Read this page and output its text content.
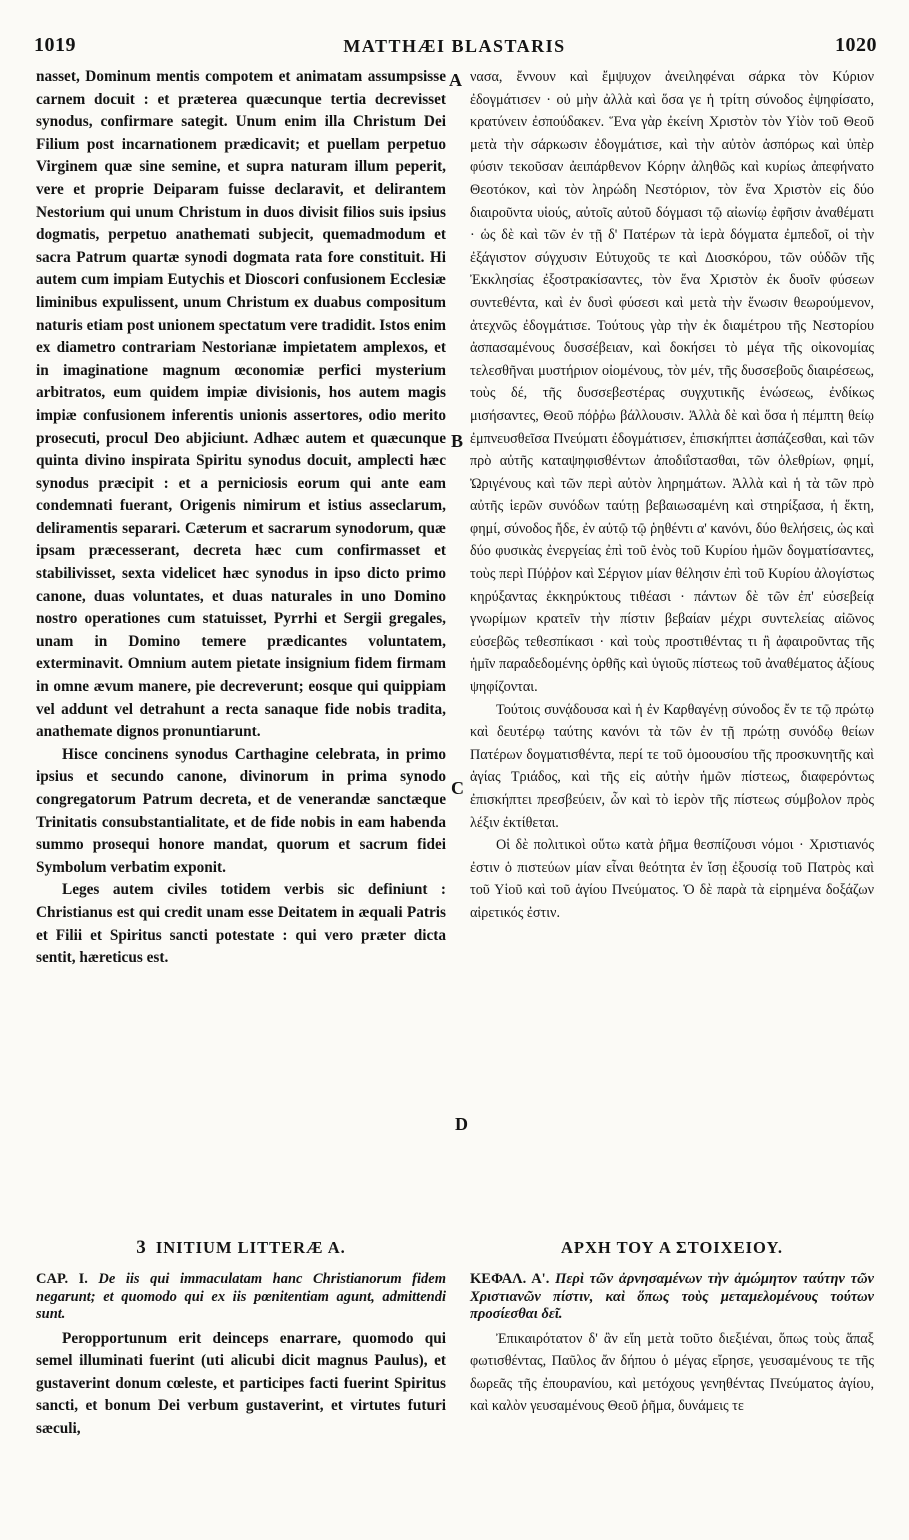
1019	MATTHÆI BLASTARIS	1020
A
B
C
D

nasset, Dominum mentis compotem et animatam assumpsisse carnem docuit : et præterea quæcunque tertia decrevisset synodus, confirmare sategit. Unum enim illa Christum Dei Filium post incarnationem prædicavit; et puellam perpetuo Virginem quæ sine semine, et supra naturam illum peperit, vere et proprie Deiparam fuisse declaravit, et delirantem Nestorium qui unum Christum in duos divisit filios suis ipsius dogmatis, perpetuo anathemati subjecit, quemadmodum et sacra Patrum quartæ synodi dogmata rata fore constituit. Hi autem cum impiam Eutychis et Dioscori confusionem Ecclesiæ liminibus expulissent, unum Christum ex duabus compositum naturis etiam post unionem spectatum vere tradidit. Istos enim ex diametro contrariam Nestorianæ impietatem amplexos, et in imaginatione magnum œconomiæ perfici mysterium arbitratos, eum quidem impiæ divisionis, hos autem magis impiæ confusionem inferentis unionis assertores, odio merito prosecuti, procul Deo abjiciunt. Adhæc autem et quæcunque quinta divino inspirata Spiritu synodus docuit, amplecti hæc synodus præcipit : et a perniciosis eorum qui ante eam condemnati fuerant, Origenis nimirum et istius asseclarum, deliramentis separari. Cæterum et sacrarum synodorum, quæ ipsam præcesserant, decreta hæc cum confirmasset et stabilivisset, sexta videlicet hæc synodus in ipso dicto primo canone, duas voluntates, et duas naturales in uno Domino nostro operationes cum statuisset, Pyrrhi et Sergii gregales, unam in Domino temere prædicantes voluntatem, exterminavit. Omnium autem pietate insignium fidem firmam in omne ævum manere, pie decreverunt; eosque qui quippiam vel addunt vel detrahunt a recta sanaque fide nobis tradita, anathemate dignos pronuntiarunt.

Hisce concinens synodus Carthagine celebrata, in primo ipsius et secundo canone, divinorum in prima synodo congregatorum Patrum decreta, et de venerandæ sanctæque Trinitatis consubstantialitate, et de fide nobis in eam habenda summo prosequi honore mandat, quorum et sacrum fidei Symbolum verbatim exponit.

Leges autem civiles totidem verbis sic definiunt : Christianus est qui credit unam esse Deitatem in æquali Patris et Filii et Spiritus sancti potestate : qui vero præter dicta sentit, hæreticus est.

νασα, ἔννουν καὶ ἔμψυχον ἀνειληφέναι σάρκα τὸν Κύριον ἐδογμάτισεν · οὐ μὴν ἀλλὰ καὶ ὅσα γε ἡ τρίτη σύνοδος ἐψηφίσατο, κρατύνειν ἐσπούδακεν. Ἕνα γὰρ ἐκείνη Χριστὸν τὸν Υἱὸν τοῦ Θεοῦ μετὰ τὴν σάρκωσιν ἐδογμάτισε, καὶ τὴν αὐτὸν ἀσπόρως καὶ ὑπὲρ φύσιν τεκοῦσαν ἀειπάρθενον Κόρην ἀληθῶς καὶ κυρίως ἀπεφήνατο Θεοτόκον, καὶ τὸν ληρώδη Νεστόριον, τὸν ἕνα Χριστὸν εἰς δύο διαιροῦντα υἱούς, αὐτοῖς αὐτοῦ δόγμασι τῷ αἰωνίῳ ἐφῆσιν ἀναθέματι · ὡς δὲ καὶ τῶν ἐν τῇ δ' Πατέρων τὰ ἱερὰ δόγματα ἐμπεδοῖ, οἱ τὴν ἐξάγιστον σύγχυσιν Εὐτυχοῦς τε καὶ Διοσκόρου, τῶν οὐδῶν τῆς Ἐκκλησίας ἐξοστρακίσαντες, τὸν ἕνα Χριστὸν ἐκ δυοῖν φύσεων συντεθέντα, καὶ ἐν δυσὶ φύσεσι καὶ μετὰ τὴν ἕνωσιν θεωρούμενον, ἀτεχνῶς ἐδογμάτισε. Τούτους γὰρ τὴν ἐκ διαμέτρου τῆς Νεστορίου ἀσπασαμένους δυσσέβειαν, καὶ δοκήσει τὸ μέγα τῆς οἰκονομίας τελεσθῆναι μυστήριον οἰομένους, τὸν μέν, τῆς δυσσεβοῦς διαιρέσεως, τοὺς δέ, τῆς δυσσεβεστέρας συγχυτικῆς ἑνώσεως, ἐνδίκως μισήσαντες, Θεοῦ πόῤῥω βάλλουσιν. Ἀλλὰ δὲ καὶ ὅσα ἡ πέμπτη θείῳ ἐμπνευσθεῖσα Πνεύματι ἐδογμάτισεν, ἐπισκήπτει ἀσπάζεσθαι, καὶ τῶν πρὸ αὐτῆς καταψηφισθέντων ἀποδιΐστασθαι, τῶν ὀλεθρίων, φημί, Ὠριγένους καὶ τῶν περὶ αὐτὸν ληρημάτων. Ἀλλὰ καὶ ἡ τὰ τῶν πρὸ αὐτῆς ἱερῶν συνόδων ταύτῃ βεβαιωσαμένη καὶ στηρίξασα, ἡ ἕκτη, φημί, σύνοδος ἤδε, ἐν αὐτῷ τῷ ῥηθέντι α' κανόνι, δύο θελήσεις, ὡς καὶ δύο φυσικὰς ἐνεργείας ἐπὶ τοῦ ἑνὸς τοῦ Κυρίου ἡμῶν δογματίσαντες, τοὺς περὶ Πύῤῥον καὶ Σέργιον μίαν θέλησιν ἐπὶ τοῦ Κυρίου ἀλογίστως κηρύξαντας ἐκκηρύκτους τιθέασι · πάντων δὲ τῶν ἐπ' εὐσεβείᾳ γνωρίμων κρατεῖν τὴν πίστιν βεβαίαν μέχρι συντελείας αἰῶνος εὐσεβῶς τεθεσπίκασι · καὶ τοὺς προστιθέντας τι ἢ ἀφαιροῦντας τῆς ἡμῖν παραδεδομένης ὀρθῆς καὶ ὑγιοῦς πίστεως τοῦ ἀναθέματος ἀξίους ψηφίζονται.

Τούτοις συνᾴδουσα καὶ ἡ ἐν Καρθαγένῃ σύνοδος ἔν τε τῷ πρώτῳ καὶ δευτέρῳ ταύτης κανόνι τὰ τῶν ἐν τῇ πρώτῃ συνόδῳ θείων Πατέρων δογματισθέντα, περί τε τοῦ ὁμοουσίου τῆς προσκυνητῆς καὶ ἁγίας Τριάδος, καὶ τῆς εἰς αὐτὴν ἡμῶν πίστεως, διαφερόντως ἐπισκήπτει πρεσβεύειν, ὧν καὶ τὸ ἱερὸν τῆς πίστεως σύμβολον πρὸς λέξιν ἐκτίθεται.

Οἱ δὲ πολιτικοὶ οὕτω κατὰ ῥῆμα θεσπίζουσι νόμοι · Χριστιανός ἐστιν ὁ πιστεύων μίαν εἶναι θεότητα ἐν ἴσῃ ἐξουσίᾳ τοῦ Πατρὸς καὶ τοῦ Υἱοῦ καὶ τοῦ ἁγίου Πνεύματος. Ὁ δὲ παρὰ τὰ εἰρημένα δοξάζων αἱρετικός ἐστιν.

3 INITIUM LITTERÆ A.
CAP. I. De iis qui immaculatam hanc Christianorum fidem negarunt; et quomodo qui ex iis pœnitentiam agunt, admittendi sunt.

Peropportunum erit deinceps enarrare, quomodo qui semel illuminati fuerint (uti alicubi dicit magnus Paulus), et gustaverint donum cœleste, et participes facti fuerint Spiritus sancti, et bonum Dei verbum gustaverint, et virtutes futuri sæculi,

ΑΡΧΗ ΤΟΥ Α ΣΤΟΙΧΕΙΟΥ.
ΚΕΦΑΛ. Α'. Περὶ τῶν ἀρνησαμένων τὴν ἀμώμητον ταύτην τῶν Χριστιανῶν πίστιν, καὶ ὅπως τοὺς μεταμελομένους τούτων προσίεσθαι δεῖ.

Ἐπικαιρότατον δ' ἂν εἴη μετὰ τοῦτο διεξιέναι, ὅπως τοὺς ἅπαξ φωτισθέντας, Παῦλος ἄν δήπου ὁ μέγας εἴρησε, γευσαμένους τε τῆς δωρεᾶς τῆς ἐπουρανίου, καὶ μετόχους γενηθέντας Πνεύματος ἁγίου, καὶ καλὸν γευσαμένους Θεοῦ ῥῆμα, δυνάμεις τε
